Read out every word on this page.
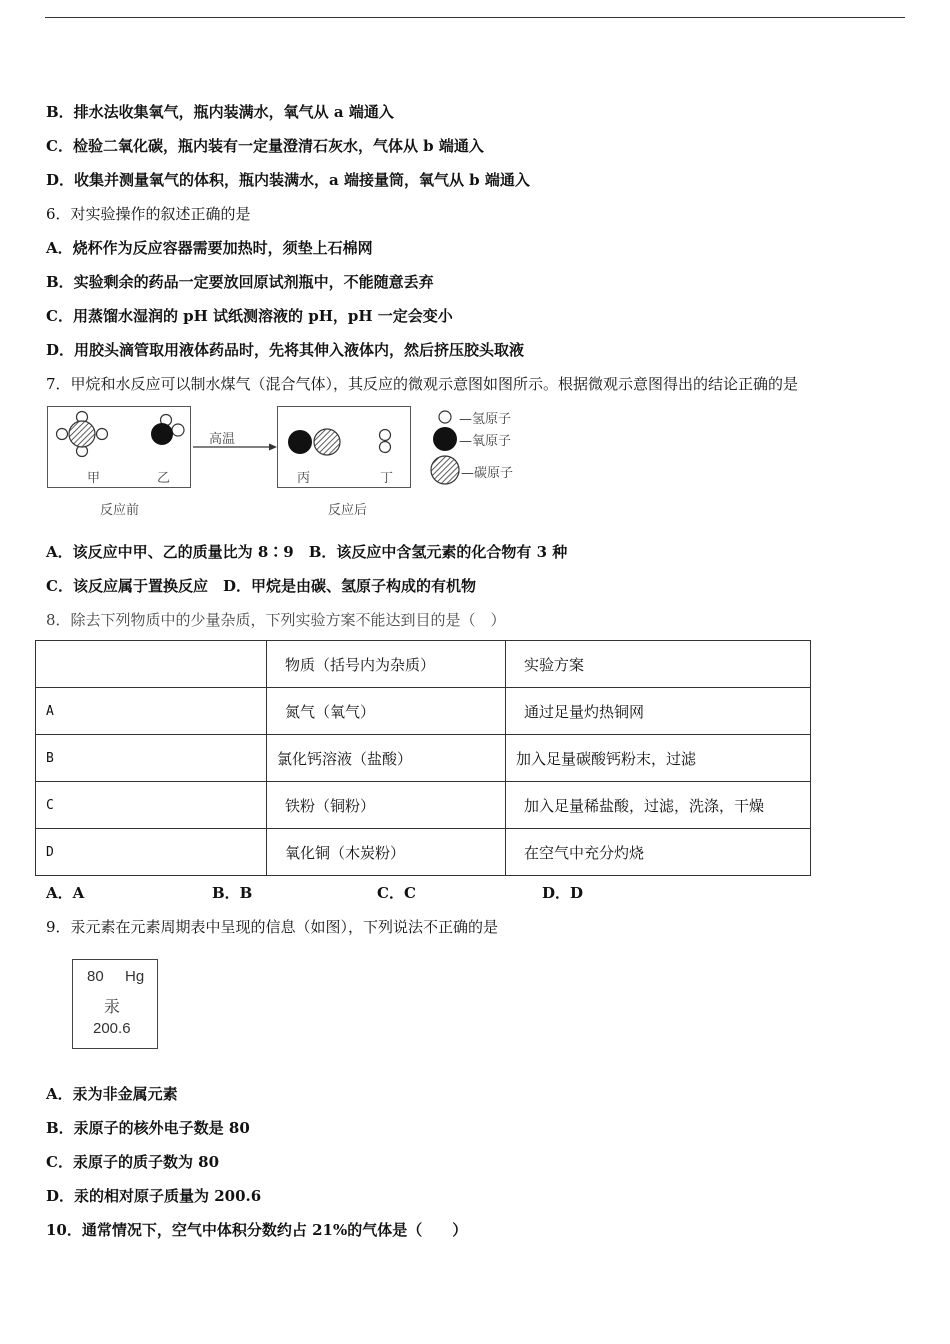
B．排水法收集氧气，瓶内装满水，氧气从 a 端通入
C．检验二氧化碳，瓶内装有一定量澄清石灰水，气体从 b 端通入
D．收集并测量氧气的体积，瓶内装满水，a 端接量筒，氧气从 b 端通入
6．对实验操作的叙述正确的是
A．烧杯作为反应容器需要加热时，须垫上石棉网
B．实验剩余的药品一定要放回原试剂瓶中，不能随意丢弃
C．用蒸馏水湿润的 pH 试纸测溶液的 pH，pH 一定会变小
D．用胶头滴管取用液体药品时，先将其伸入液体内，然后挤压胶头取液
7．甲烷和水反应可以制水煤气（混合气体），其反应的微观示意图如图所示。根据微观示意图得出的结论正确的是
甲	乙	丙	丁
高温
反应前	反应后
—氢原子
—氧原子
—碳原子
A．该反应中甲、乙的质量比为 8∶9　B．该反应中含氢元素的化合物有 3 种
C．该反应属于置换反应　D．甲烷是由碳、氢原子构成的有机物
8．除去下列物质中的少量杂质，下列实验方案不能达到目的是（　）
	物质（括号内为杂质）	实验方案
A	氮气（氧气）	通过足量灼热铜网
B	氯化钙溶液（盐酸）	加入足量碳酸钙粉末，过滤
C	铁粉（铜粉）	加入足量稀盐酸，过滤，洗涤，干燥
D	氧化铜（木炭粉）	在空气中充分灼烧
A．A	B．B	C．C	D．D
9．汞元素在元素周期表中呈现的信息（如图），下列说法不正确的是
80 Hg
汞
200.6
A．汞为非金属元素
B．汞原子的核外电子数是 80
C．汞原子的质子数为 80
D．汞的相对原子质量为 200.6
10．通常情况下，空气中体积分数约占 21%的气体是（　　）
